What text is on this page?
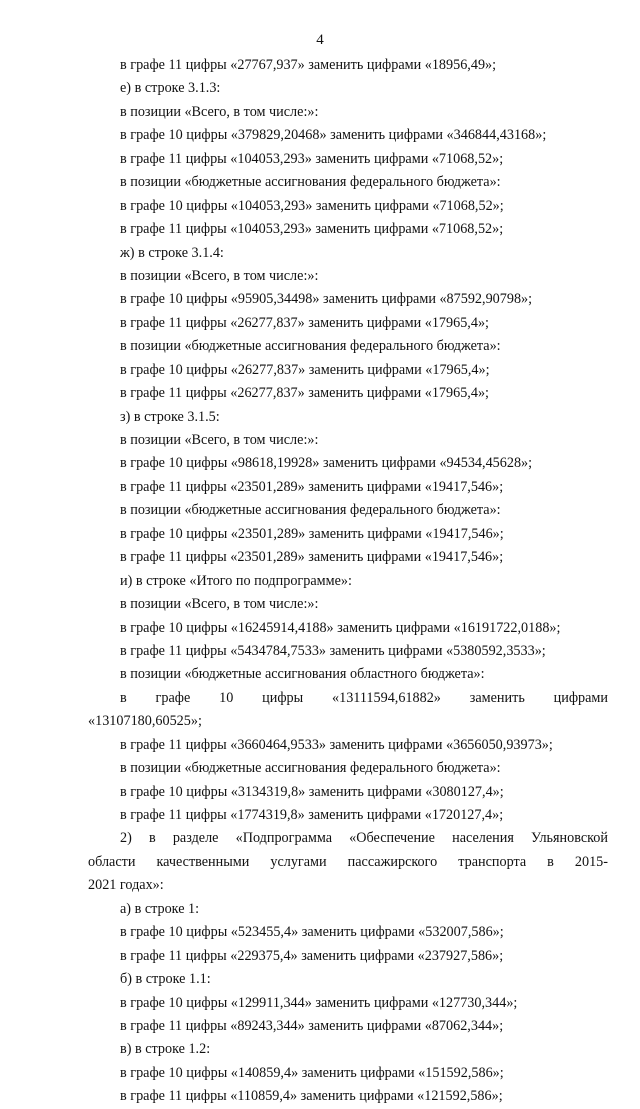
4
в графе 11 цифры «27767,937» заменить цифрами «18956,49»;
е) в строке 3.1.3:
в позиции «Всего, в том числе:»:
в графе 10 цифры «379829,20468» заменить цифрами «346844,43168»;
в графе 11 цифры «104053,293» заменить цифрами «71068,52»;
в позиции «бюджетные ассигнования федерального бюджета»:
в графе 10 цифры «104053,293» заменить цифрами «71068,52»;
в графе 11 цифры «104053,293» заменить цифрами «71068,52»;
ж) в строке 3.1.4:
в позиции «Всего, в том числе:»:
в графе 10 цифры «95905,34498» заменить цифрами «87592,90798»;
в графе 11 цифры «26277,837» заменить цифрами «17965,4»;
в позиции «бюджетные ассигнования федерального бюджета»:
в графе 10 цифры «26277,837» заменить цифрами «17965,4»;
в графе 11 цифры «26277,837» заменить цифрами «17965,4»;
з) в строке 3.1.5:
в позиции «Всего, в том числе:»:
в графе 10 цифры «98618,19928» заменить цифрами «94534,45628»;
в графе 11 цифры «23501,289» заменить цифрами «19417,546»;
в позиции «бюджетные ассигнования федерального бюджета»:
в графе 10 цифры «23501,289» заменить цифрами «19417,546»;
в графе 11 цифры «23501,289» заменить цифрами «19417,546»;
и) в строке «Итого по подпрограмме»:
в позиции «Всего, в том числе:»:
в графе 10 цифры «16245914,4188» заменить цифрами «16191722,0188»;
в графе 11 цифры «5434784,7533» заменить цифрами «5380592,3533»;
в позиции «бюджетные ассигнования областного бюджета»:
в графе 10 цифры «13111594,61882» заменить цифрами
«13107180,60525»;
в графе 11 цифры «3660464,9533» заменить цифрами «3656050,93973»;
в позиции «бюджетные ассигнования федерального бюджета»:
в графе 10 цифры «3134319,8» заменить цифрами «3080127,4»;
в графе 11 цифры «1774319,8» заменить цифрами «1720127,4»;
2) в разделе «Подпрограмма «Обеспечение населения Ульяновской
области качественными услугами пассажирского транспорта в 2015-
2021 годах»:
а) в строке 1:
в графе 10 цифры «523455,4» заменить цифрами «532007,586»;
в графе 11 цифры «229375,4» заменить цифрами «237927,586»;
б) в строке 1.1:
в графе 10 цифры «129911,344» заменить цифрами «127730,344»;
в графе 11 цифры «89243,344» заменить цифрами «87062,344»;
в) в строке 1.2:
в графе 10 цифры «140859,4» заменить цифрами «151592,586»;
в графе 11 цифры «110859,4» заменить цифрами «121592,586»;
